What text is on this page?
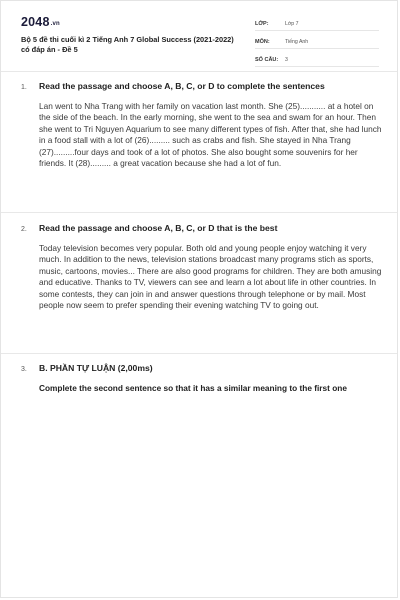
2048.vn
Bộ 5 đề thi cuối kì 2 Tiếng Anh 7 Global Success (2021-2022) có đáp án - Đề 5
LỚP:	Lớp 7
MÔN:	Tiếng Anh
SỐ CÂU:	3
1.	Read the passage and choose A, B, C, or D to complete the sentences
Lan went to Nha Trang with her family on vacation last month. She (25)........... at a hotel on the side of the beach. In the early morning, she went to the sea and swam for an hour. Then she went to Tri Nguyen Aquarium to see many different types of fish. After that, she had lunch in a food stall with a lot of (26)......... such as crabs and fish. She stayed in Nha Trang (27).........four days and took of a lot of photos. She also bought some souvenirs for her friends. It (28)......... a great vacation because she had a lot of fun.
2.	Read the passage and choose A, B, C, or D that is the best
Today television becomes very popular. Both old and young people enjoy watching it very much. In addition to the news, television stations broadcast many programs stich as sports, music, cartoons, movies... There are also good programs for children. They are both amusing and educative. Thanks to TV, viewers can see and learn a lot about life in other countries. In some contests, they can join in and answer questions through telephone or by mail. Most people now seem to prefer spending their evening watching TV to going out.
3.	B. PHẦN TỰ LUẬN (2,00ms)
Complete the second sentence so that it has a similar meaning to the first one
